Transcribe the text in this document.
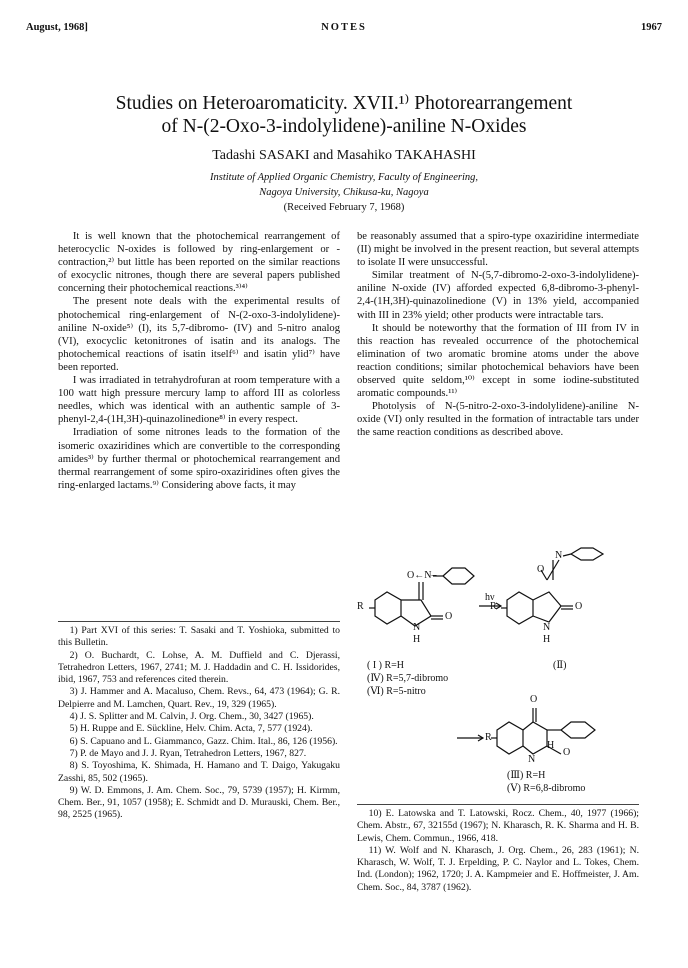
August, 1968]	NOTES	1967
Studies on Heteroaromaticity. XVII.¹⁾ Photorearrangement
of N-(2-Oxo-3-indolylidene)-aniline N-Oxides
Tadashi SASAKI and Masahiko TAKAHASHI
Institute of Applied Organic Chemistry, Faculty of Engineering,
Nagoya University, Chikusa-ku, Nagoya
(Received February 7, 1968)

It is well known that the photochemical rearrangement of heterocyclic N-oxides is followed by ring-enlargement or -contraction,²⁾ but little has been reported on the similar reactions of exocyclic nitrones, though there are several papers published concerning their photochemical reactions.³⁾⁴⁾

The present note deals with the experimental results of photochemical ring-enlargement of N-(2-oxo-3-indolylidene)-aniline N-oxide⁵⁾ (I), its 5,7-dibromo- (IV) and 5-nitro analog (VI), exocyclic ketonitrones of isatin and its analogs. The photochemical reactions of isatin itself⁶⁾ and isatin ylid⁷⁾ have been reported.

I was irradiated in tetrahydrofuran at room temperature with a 100 watt high pressure mercury lamp to afford III as colorless needles, which was identical with an authentic sample of 3-phenyl-2,4-(1H,3H)-quinazolinedione⁸⁾ in every respect.

Irradiation of some nitrones leads to the formation of the isomeric oxaziridines which are convertible to the corresponding amides³⁾ by further thermal or photochemical rearrangement and thermal rearrangement of some spiro-oxaziridines often gives the ring-enlarged lactams.⁹⁾ Considering above facts, it may

1) Part XVI of this series: T. Sasaki and T. Yoshioka, submitted to this Bulletin.
2) O. Buchardt, C. Lohse, A. M. Duffield and C. Djerassi, Tetrahedron Letters, 1967, 2741; M. J. Haddadin and C. H. Issidorides, ibid, 1967, 753 and references cited therein.
3) J. Hammer and A. Macaluso, Chem. Revs., 64, 473 (1964); G. R. Delpierre and M. Lamchen, Quart. Rev., 19, 329 (1965).
4) J. S. Splitter and M. Calvin, J. Org. Chem., 30, 3427 (1965).
5) H. Ruppe and E. Sückline, Helv. Chim. Acta, 7, 577 (1924).
6) S. Capuano and L. Giammanco, Gazz. Chim. Ital., 86, 126 (1956).
7) P. de Mayo and J. J. Ryan, Tetrahedron Letters, 1967, 827.
8) S. Toyoshima, K. Shimada, H. Hamano and T. Daigo, Yakugaku Zasshi, 85, 502 (1965).
9) W. D. Emmons, J. Am. Chem. Soc., 79, 5739 (1957); H. Kirmm, Chem. Ber., 91, 1057 (1958); E. Schmidt and D. Murauski, Chem. Ber., 98, 2525 (1965).

be reasonably assumed that a spiro-type oxaziridine intermediate (II) might be involved in the present reaction, but several attempts to isolate II were unsuccessful.

Similar treatment of N-(5,7-dibromo-2-oxo-3-indolylidene)-aniline N-oxide (IV) afforded expected 6,8-dibromo-3-phenyl-2,4-(1H,3H)-quinazolinedione (V) in 13% yield, accompanied with III in 23% yield; other products were intractable tars.

It should be noteworthy that the formation of III from IV in this reaction has revealed occurrence of the photochemical elimination of two aromatic bromine atoms under the above reaction conditions; similar photochemical behaviors have been observed quite seldom,¹⁰⁾ except in some iodine-substituted aromatic compounds.¹¹⁾

Photolysis of N-(5-nitro-2-oxo-3-indolylidene)-aniline N-oxide (VI) only resulted in the formation of intractable tars under the same reaction conditions as described above.

O←N–
R
O
N
H
hν
N
O
R	O
N
H
( I ) R=H
(Ⅳ) R=5,7-dibromo
(Ⅵ) R=5-nitro
(Ⅱ)
O
R
H
O
N
(Ⅲ) R=H
(Ⅴ) R=6,8-dibromo
10) E. Latowska and T. Latowski, Rocz. Chem., 40, 1977 (1966); Chem. Abstr., 67, 32155d (1967); N. Kharasch, R. K. Sharma and H. B. Lewis, Chem. Commun., 1966, 418.
11) W. Wolf and N. Kharasch, J. Org. Chem., 26, 283 (1961); N. Kharasch, W. Wolf, T. J. Erpelding, P. C. Naylor and L. Tokes, Chem. Ind. (London); 1962, 1720; J. A. Kampmeier and E. Hoffmeister, J. Am. Chem. Soc., 84, 3787 (1962).
